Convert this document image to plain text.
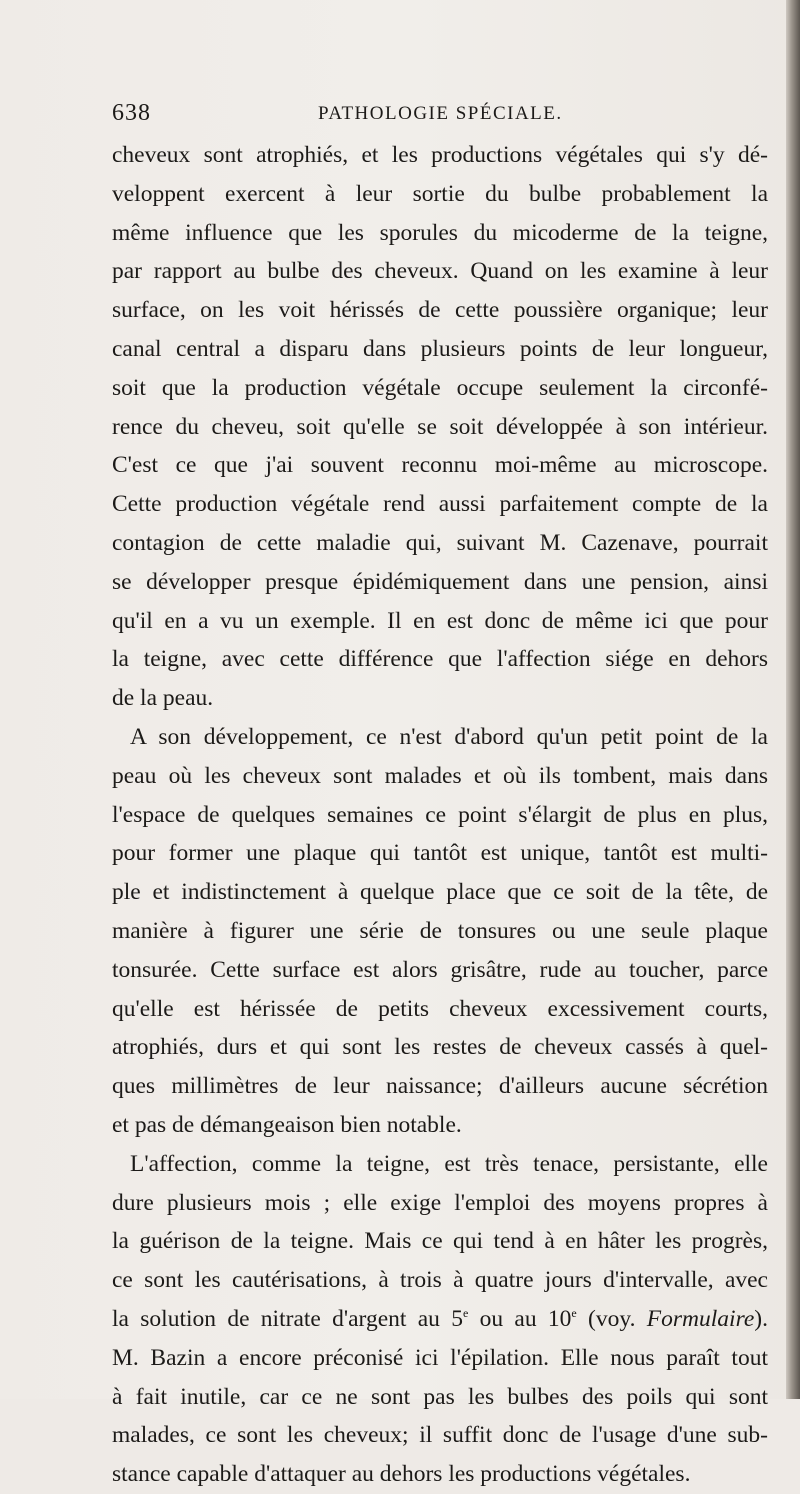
638	PATHOLOGIE SPÉCIALE.
cheveux sont atrophiés, et les productions végétales qui s'y dé-
veloppent exercent à leur sortie du bulbe probablement la
même influence que les sporules du micoderme de la teigne,
par rapport au bulbe des cheveux. Quand on les examine à leur
surface, on les voit hérissés de cette poussière organique; leur
canal central a disparu dans plusieurs points de leur longueur,
soit que la production végétale occupe seulement la circonfé-
rence du cheveu, soit qu'elle se soit développée à son intérieur.
C'est ce que j'ai souvent reconnu moi-même au microscope.
Cette production végétale rend aussi parfaitement compte de la
contagion de cette maladie qui, suivant M. Cazenave, pourrait
se développer presque épidémiquement dans une pension, ainsi
qu'il en a vu un exemple. Il en est donc de même ici que pour
la teigne, avec cette différence que l'affection siége en dehors
de la peau.
A son développement, ce n'est d'abord qu'un petit point de la
peau où les cheveux sont malades et où ils tombent, mais dans
l'espace de quelques semaines ce point s'élargit de plus en plus,
pour former une plaque qui tantôt est unique, tantôt est multi-
ple et indistinctement à quelque place que ce soit de la tête, de
manière à figurer une série de tonsures ou une seule plaque
tonsurée. Cette surface est alors grisâtre, rude au toucher, parce
qu'elle est hérissée de petits cheveux excessivement courts,
atrophiés, durs et qui sont les restes de cheveux cassés à quel-
ques millimètres de leur naissance; d'ailleurs aucune sécrétion
et pas de démangeaison bien notable.
L'affection, comme la teigne, est très tenace, persistante, elle
dure plusieurs mois ; elle exige l'emploi des moyens propres à
la guérison de la teigne. Mais ce qui tend à en hâter les progrès,
ce sont les cautérisations, à trois à quatre jours d'intervalle, avec
la solution de nitrate d'argent au 5e ou au 10e (voy. Formulaire).
M. Bazin a encore préconisé ici l'épilation. Elle nous paraît tout
à fait inutile, car ce ne sont pas les bulbes des poils qui sont
malades, ce sont les cheveux; il suffit donc de l'usage d'une sub-
stance capable d'attaquer au dehors les productions végétales.
